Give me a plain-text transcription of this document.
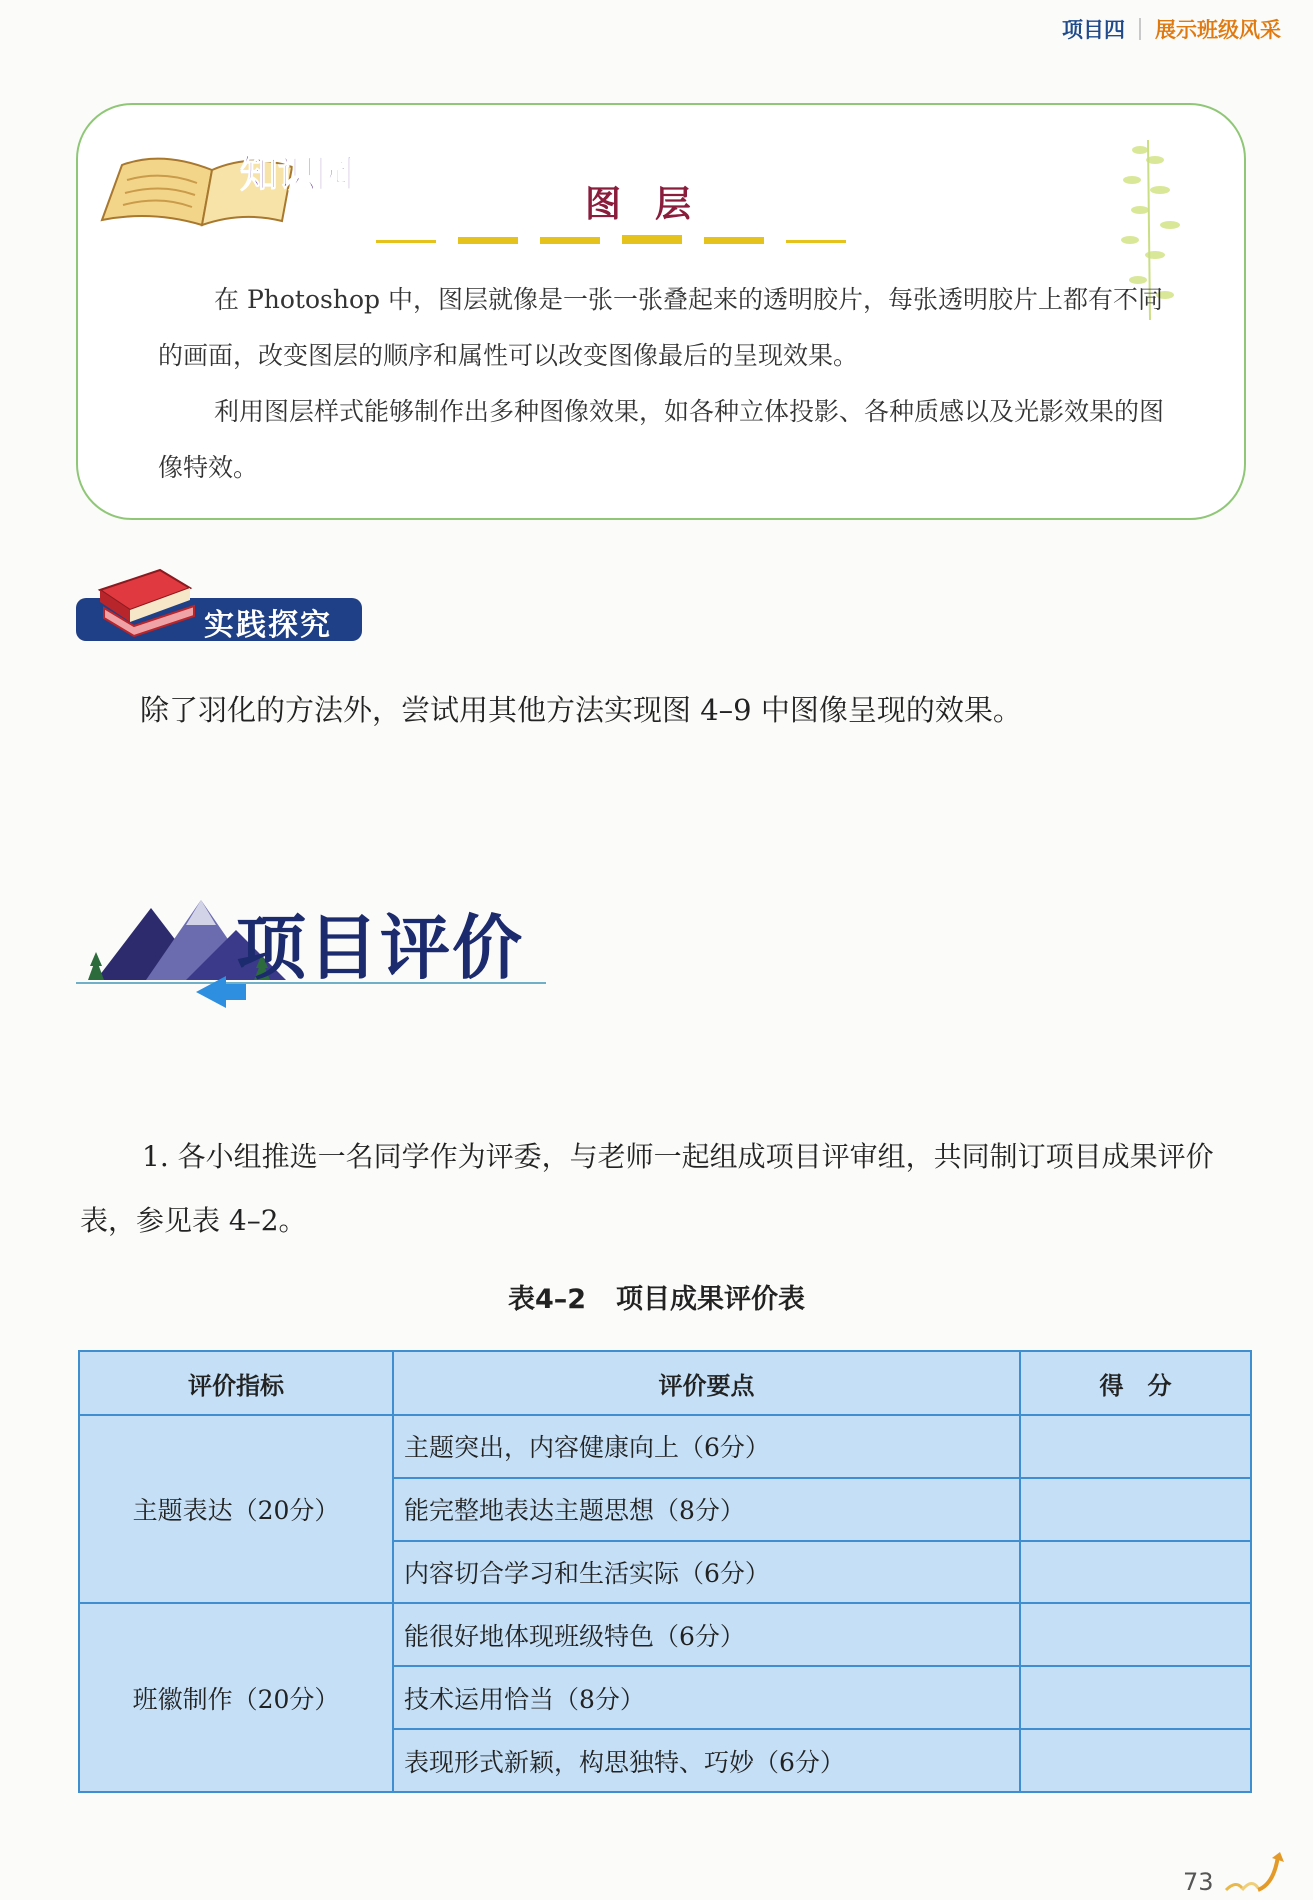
项目四 展示班级风采
知识园
图层
在 Photoshop 中，图层就像是一张一张叠起来的透明胶片，每张透明胶片上都有不同的画面，改变图层的顺序和属性可以改变图像最后的呈现效果。
利用图层样式能够制作出多种图像效果，如各种立体投影、各种质感以及光影效果的图像特效。
实践探究
除了羽化的方法外，尝试用其他方法实现图 4–9 中图像呈现的效果。
项目评价
1. 各小组推选一名同学作为评委，与老师一起组成项目评审组，共同制订项目成果评价表，参见表 4–2。
表4–2 项目成果评价表
评价指标	评价要点	得　分
主题表达（20分）	主题突出，内容健康向上（6分）	
	能完整地表达主题思想（8分）	
	内容切合学习和生活实际（6分）	
班徽制作（20分）	能很好地体现班级特色（6分）	
	技术运用恰当（8分）	
	表现形式新颖，构思独特、巧妙（6分）	
73
